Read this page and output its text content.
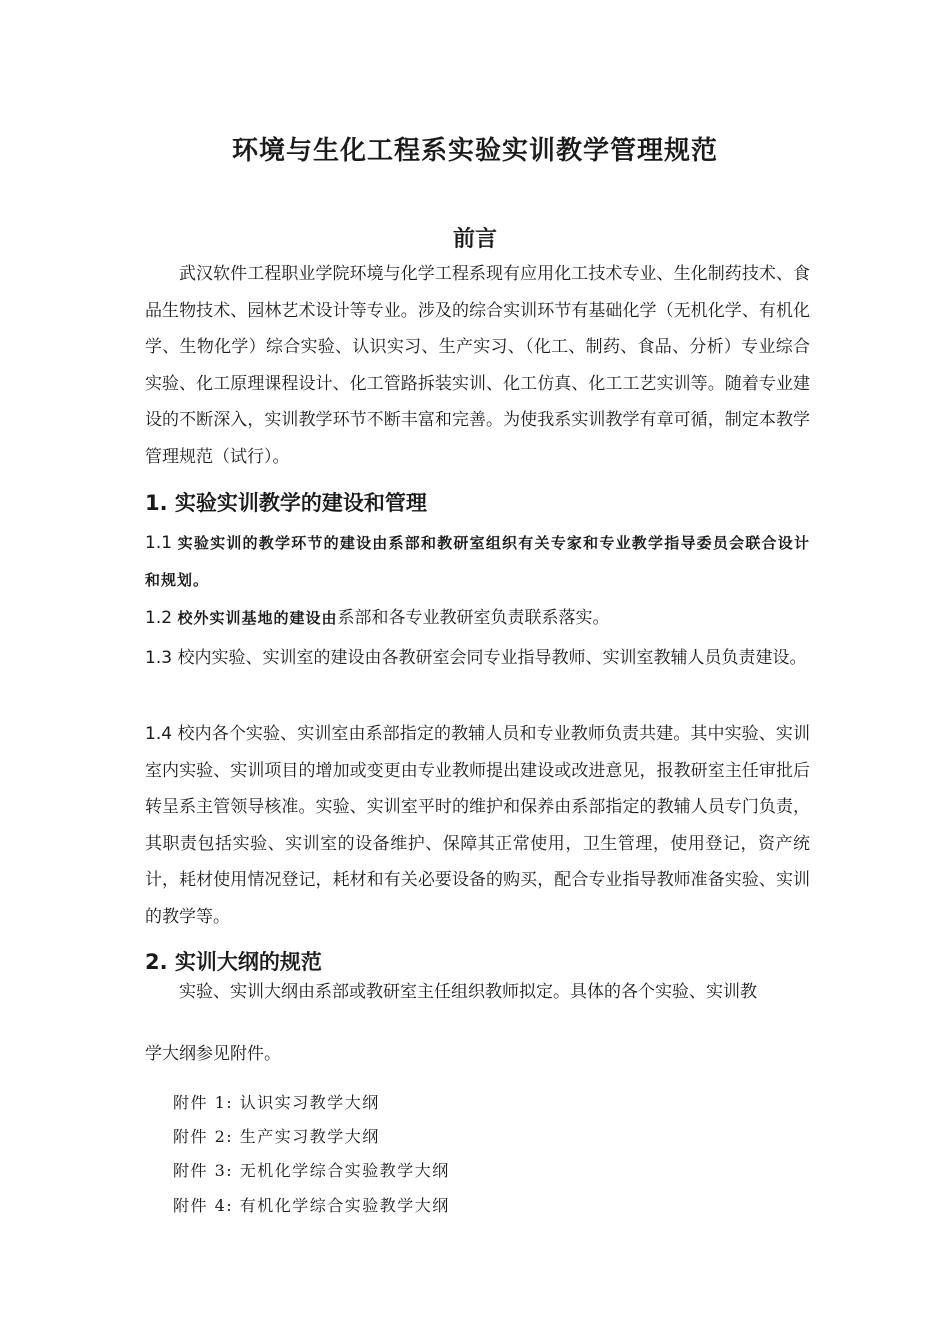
环境与生化工程系实验实训教学管理规范
前言
武汉软件工程职业学院环境与化学工程系现有应用化工技术专业、生化制药技术、食品生物技术、园林艺术设计等专业。涉及的综合实训环节有基础化学（无机化学、有机化学、生物化学）综合实验、认识实习、生产实习、（化工、制药、食品、分析）专业综合实验、化工原理课程设计、化工管路拆装实训、化工仿真、化工工艺实训等。随着专业建设的不断深入，实训教学环节不断丰富和完善。为使我系实训教学有章可循，制定本教学管理规范（试行）。
1. 实验实训教学的建设和管理
1.1 实验实训的教学环节的建设由系部和教研室组织有关专家和专业教学指导委员会联合设计和规划。
1.2 校外实训基地的建设由系部和各专业教研室负责联系落实。
1.3 校内实验、实训室的建设由各教研室会同专业指导教师、实训室教辅人员负责建设。
1.4 校内各个实验、实训室由系部指定的教辅人员和专业教师负责共建。其中实验、实训室内实验、实训项目的增加或变更由专业教师提出建设或改进意见，报教研室主任审批后转呈系主管领导核准。实验、实训室平时的维护和保养由系部指定的教辅人员专门负责，其职责包括实验、实训室的设备维护、保障其正常使用，卫生管理，使用登记，资产统计，耗材使用情况登记，耗材和有关必要设备的购买，配合专业指导教师准备实验、实训的教学等。
2. 实训大纲的规范
实验、实训大纲由系部或教研室主任组织教师拟定。具体的各个实验、实训教
学大纲参见附件。
附件 1: 认识实习教学大纲
附件 2: 生产实习教学大纲
附件 3: 无机化学综合实验教学大纲
附件 4: 有机化学综合实验教学大纲
